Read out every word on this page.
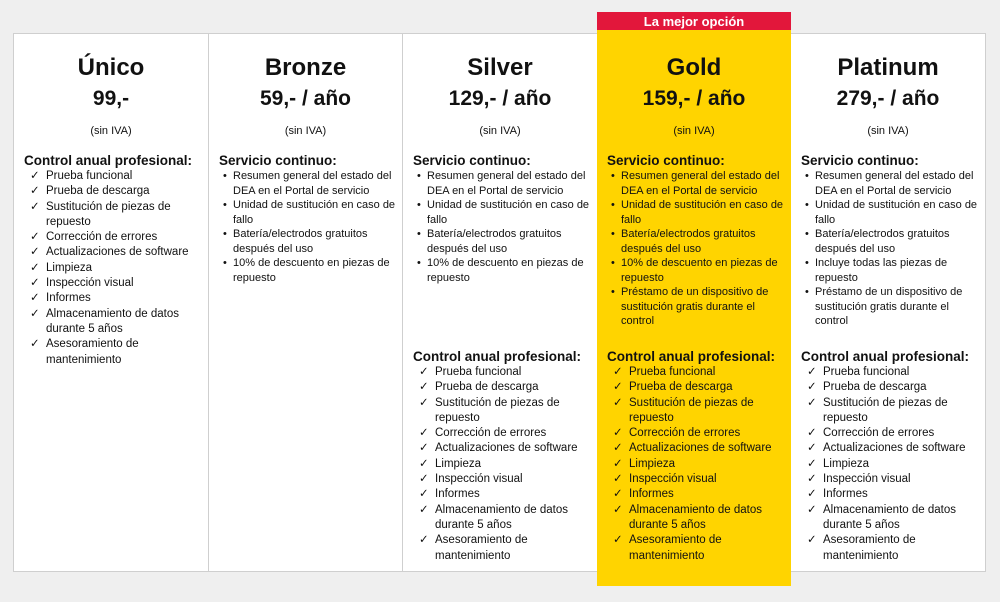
La mejor opción
Único
99,-
(sin IVA)
Control anual profesional:
✓ Prueba funcional
✓ Prueba de descarga
✓ Sustitución de piezas de repuesto
✓ Corrección de errores
✓ Actualizaciones de software
✓ Limpieza
✓ Inspección visual
✓ Informes
✓ Almacenamiento de datos durante 5 años
✓ Asesoramiento de mantenimiento
Bronze
59,- / año
(sin IVA)
Servicio continuo:
• Resumen general del estado del DEA en el Portal de servicio
• Unidad de sustitución en caso de fallo
• Batería/electrodos gratuitos después del uso
• 10% de descuento en piezas de repuesto
Silver
129,- / año
(sin IVA)
Servicio continuo:
• Resumen general del estado del DEA en el Portal de servicio
• Unidad de sustitución en caso de fallo
• Batería/electrodos gratuitos después del uso
• 10% de descuento en piezas de repuesto
Control anual profesional:
✓ Prueba funcional
✓ Prueba de descarga
✓ Sustitución de piezas de repuesto
✓ Corrección de errores
✓ Actualizaciones de software
✓ Limpieza
✓ Inspección visual
✓ Informes
✓ Almacenamiento de datos durante 5 años
✓ Asesoramiento de mantenimiento
Gold
159,- / año
(sin IVA)
Servicio continuo:
• Resumen general del estado del DEA en el Portal de servicio
• Unidad de sustitución en caso de fallo
• Batería/electrodos gratuitos después del uso
• 10% de descuento en piezas de repuesto
• Préstamo de un dispositivo de sustitución gratis durante el control
Control anual profesional:
✓ Prueba funcional
✓ Prueba de descarga
✓ Sustitución de piezas de repuesto
✓ Corrección de errores
✓ Actualizaciones de software
✓ Limpieza
✓ Inspección visual
✓ Informes
✓ Almacenamiento de datos durante 5 años
✓ Asesoramiento de mantenimiento
Platinum
279,- / año
(sin IVA)
Servicio continuo:
• Resumen general del estado del DEA en el Portal de servicio
• Unidad de sustitución en caso de fallo
• Batería/electrodos gratuitos después del uso
• Incluye todas las piezas de repuesto
• Préstamo de un dispositivo de sustitución gratis durante el control
Control anual profesional:
✓ Prueba funcional
✓ Prueba de descarga
✓ Sustitución de piezas de repuesto
✓ Corrección de errores
✓ Actualizaciones de software
✓ Limpieza
✓ Inspección visual
✓ Informes
✓ Almacenamiento de datos durante 5 años
✓ Asesoramiento de mantenimiento
